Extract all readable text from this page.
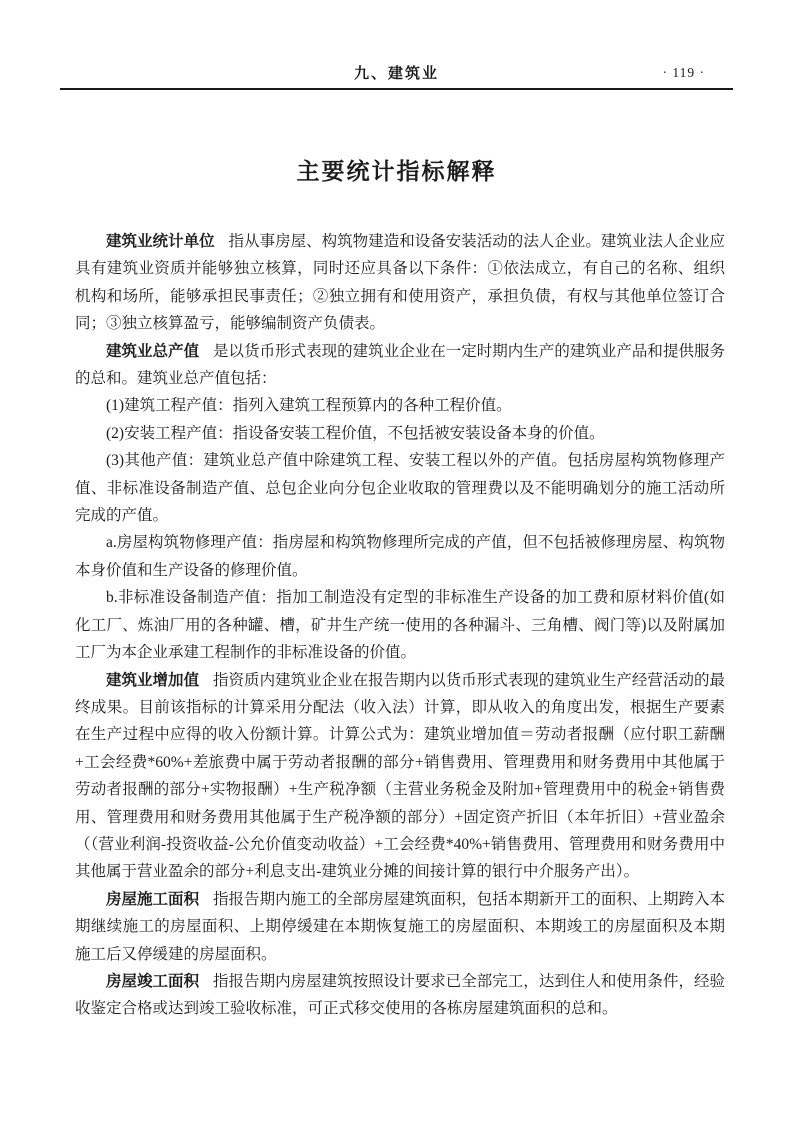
九、建筑业	· 119 ·
主要统计指标解释

建筑业统计单位 指从事房屋、构筑物建造和设备安装活动的法人企业。建筑业法人企业应具有建筑业资质并能够独立核算，同时还应具备以下条件：①依法成立，有自己的名称、组织机构和场所，能够承担民事责任；②独立拥有和使用资产，承担负债，有权与其他单位签订合同；③独立核算盈亏，能够编制资产负债表。

建筑业总产值 是以货币形式表现的建筑业企业在一定时期内生产的建筑业产品和提供服务的总和。建筑业总产值包括：

(1)建筑工程产值：指列入建筑工程预算内的各种工程价值。

(2)安装工程产值：指设备安装工程价值，不包括被安装设备本身的价值。

(3)其他产值：建筑业总产值中除建筑工程、安装工程以外的产值。包括房屋构筑物修理产值、非标准设备制造产值、总包企业向分包企业收取的管理费以及不能明确划分的施工活动所完成的产值。

a.房屋构筑物修理产值：指房屋和构筑物修理所完成的产值，但不包括被修理房屋、构筑物本身价值和生产设备的修理价值。

b.非标准设备制造产值：指加工制造没有定型的非标准生产设备的加工费和原材料价值(如化工厂、炼油厂用的各种罐、槽，矿井生产统一使用的各种漏斗、三角槽、阀门等)以及附属加工厂为本企业承建工程制作的非标准设备的价值。

建筑业增加值 指资质内建筑业企业在报告期内以货币形式表现的建筑业生产经营活动的最终成果。目前该指标的计算采用分配法（收入法）计算，即从收入的角度出发，根据生产要素在生产过程中应得的收入份额计算。计算公式为：建筑业增加值＝劳动者报酬（应付职工薪酬+工会经费*60%+差旅费中属于劳动者报酬的部分+销售费用、管理费用和财务费用中其他属于劳动者报酬的部分+实物报酬）+生产税净额（主营业务税金及附加+管理费用中的税金+销售费用、管理费用和财务费用其他属于生产税净额的部分）+固定资产折旧（本年折旧）+营业盈余（（营业利润-投资收益-公允价值变动收益）+工会经费*40%+销售费用、管理费用和财务费用中其他属于营业盈余的部分+利息支出-建筑业分摊的间接计算的银行中介服务产出）。

房屋施工面积 指报告期内施工的全部房屋建筑面积，包括本期新开工的面积、上期跨入本期继续施工的房屋面积、上期停缓建在本期恢复施工的房屋面积、本期竣工的房屋面积及本期施工后又停缓建的房屋面积。

房屋竣工面积 指报告期内房屋建筑按照设计要求已全部完工，达到住人和使用条件，经验收鉴定合格或达到竣工验收标准，可正式移交使用的各栋房屋建筑面积的总和。
